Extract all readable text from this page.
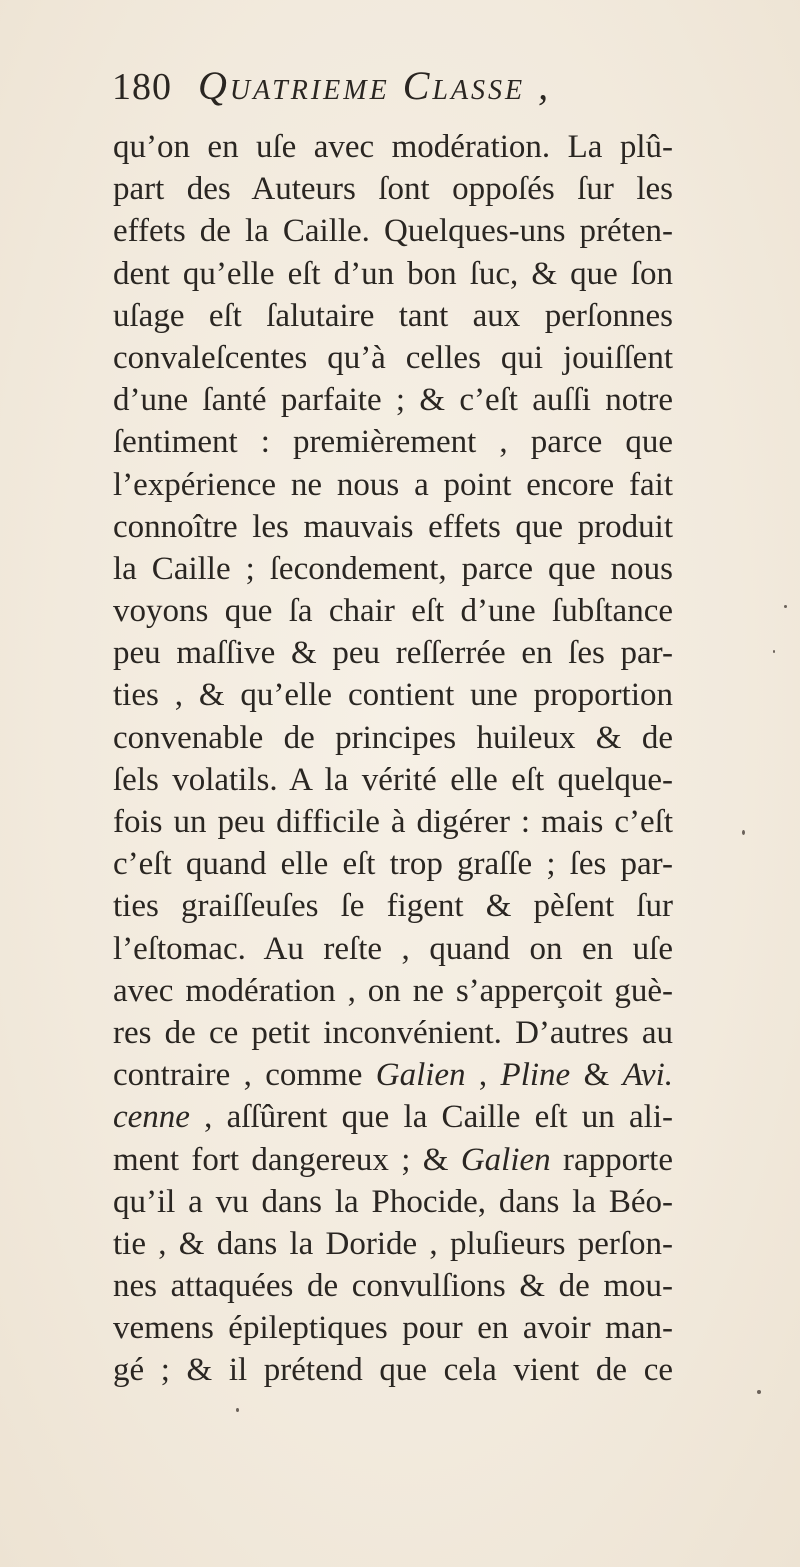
180 Quatrieme Classe ,
qu’on en uſe avec modération. La plû-
part des Auteurs ſont oppoſés ſur les
effets de la Caille. Quelques-uns préten-
dent qu’elle eſt d’un bon ſuc, & que ſon
uſage eſt ſalutaire tant aux perſonnes
convaleſcentes qu’à celles qui jouiſſent
d’une ſanté parfaite ; & c’eſt auſſi notre
ſentiment : premièrement , parce que
l’expérience ne nous a point encore fait
connoître les mauvais effets que produit
la Caille ; ſecondement, parce que nous
voyons que ſa chair eſt d’une ſubſtance
peu maſſive & peu reſſerrée en ſes par-
ties , & qu’elle contient une proportion
convenable de principes huileux & de
ſels volatils. A la vérité elle eſt quelque-
fois un peu difficile à digérer : mais c’eſt
c’eſt quand elle eſt trop graſſe ; ſes par-
ties graiſſeuſes ſe figent & pèſent ſur
l’eſtomac. Au reſte , quand on en uſe
avec modération , on ne s’apperçoit guè-
res de ce petit inconvénient. D’autres au
contraire , comme Galien , Pline & Avi.
cenne , aſſûrent que la Caille eſt un ali-
ment fort dangereux ; & Galien rapporte
qu’il a vu dans la Phocide, dans la Béo-
tie , & dans la Doride , pluſieurs perſon-
nes attaquées de convulſions & de mou-
vemens épileptiques pour en avoir man-
gé ; & il prétend que cela vient de ce
